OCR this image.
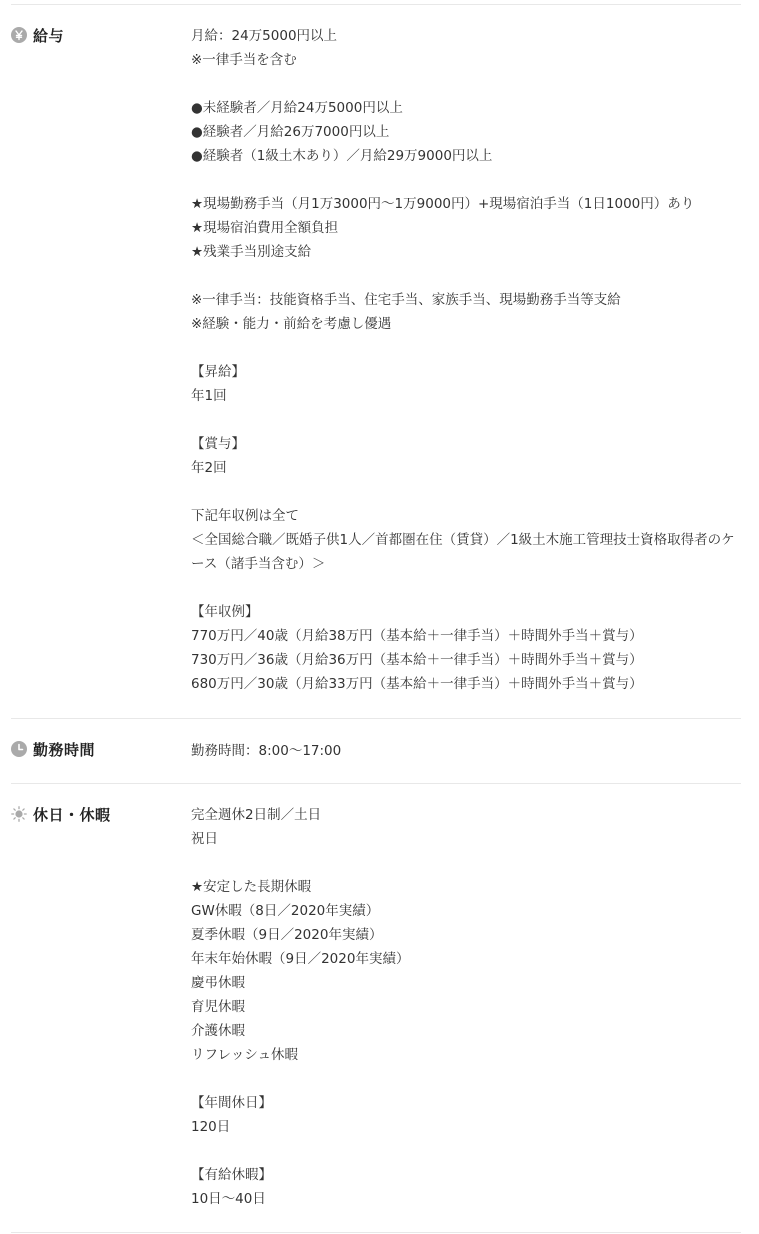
給与	月給：24万5000円以上
※一律手当を含む
●未経験者／月給24万5000円以上
●経験者／月給26万7000円以上
●経験者（1級土木あり）／月給29万9000円以上
★現場勤務手当（月1万3000円〜1万9000円）+現場宿泊手当（1日1000円）あり
★現場宿泊費用全額負担
★残業手当別途支給
※一律手当：技能資格手当、住宅手当、家族手当、現場勤務手当等支給
※経験・能力・前給を考慮し優遇
【昇給】
年1回
【賞与】
年2回
下記年収例は全て
＜全国総合職／既婚子供1人／首都圏在住（賃貸）／1級土木施工管理技士資格取得者のケース（諸手当含む）＞
【年収例】
770万円／40歳（月給38万円（基本給＋一律手当）＋時間外手当＋賞与）
730万円／36歳（月給36万円（基本給＋一律手当）＋時間外手当＋賞与）
680万円／30歳（月給33万円（基本給＋一律手当）＋時間外手当＋賞与）
勤務時間	勤務時間：8:00〜17:00
休日・休暇	完全週休2日制／土日
祝日
★安定した長期休暇
GW休暇（8日／2020年実績）
夏季休暇（9日／2020年実績）
年末年始休暇（9日／2020年実績）
慶弔休暇
育児休暇
介護休暇
リフレッシュ休暇
【年間休日】
120日
【有給休暇】
10日〜40日
